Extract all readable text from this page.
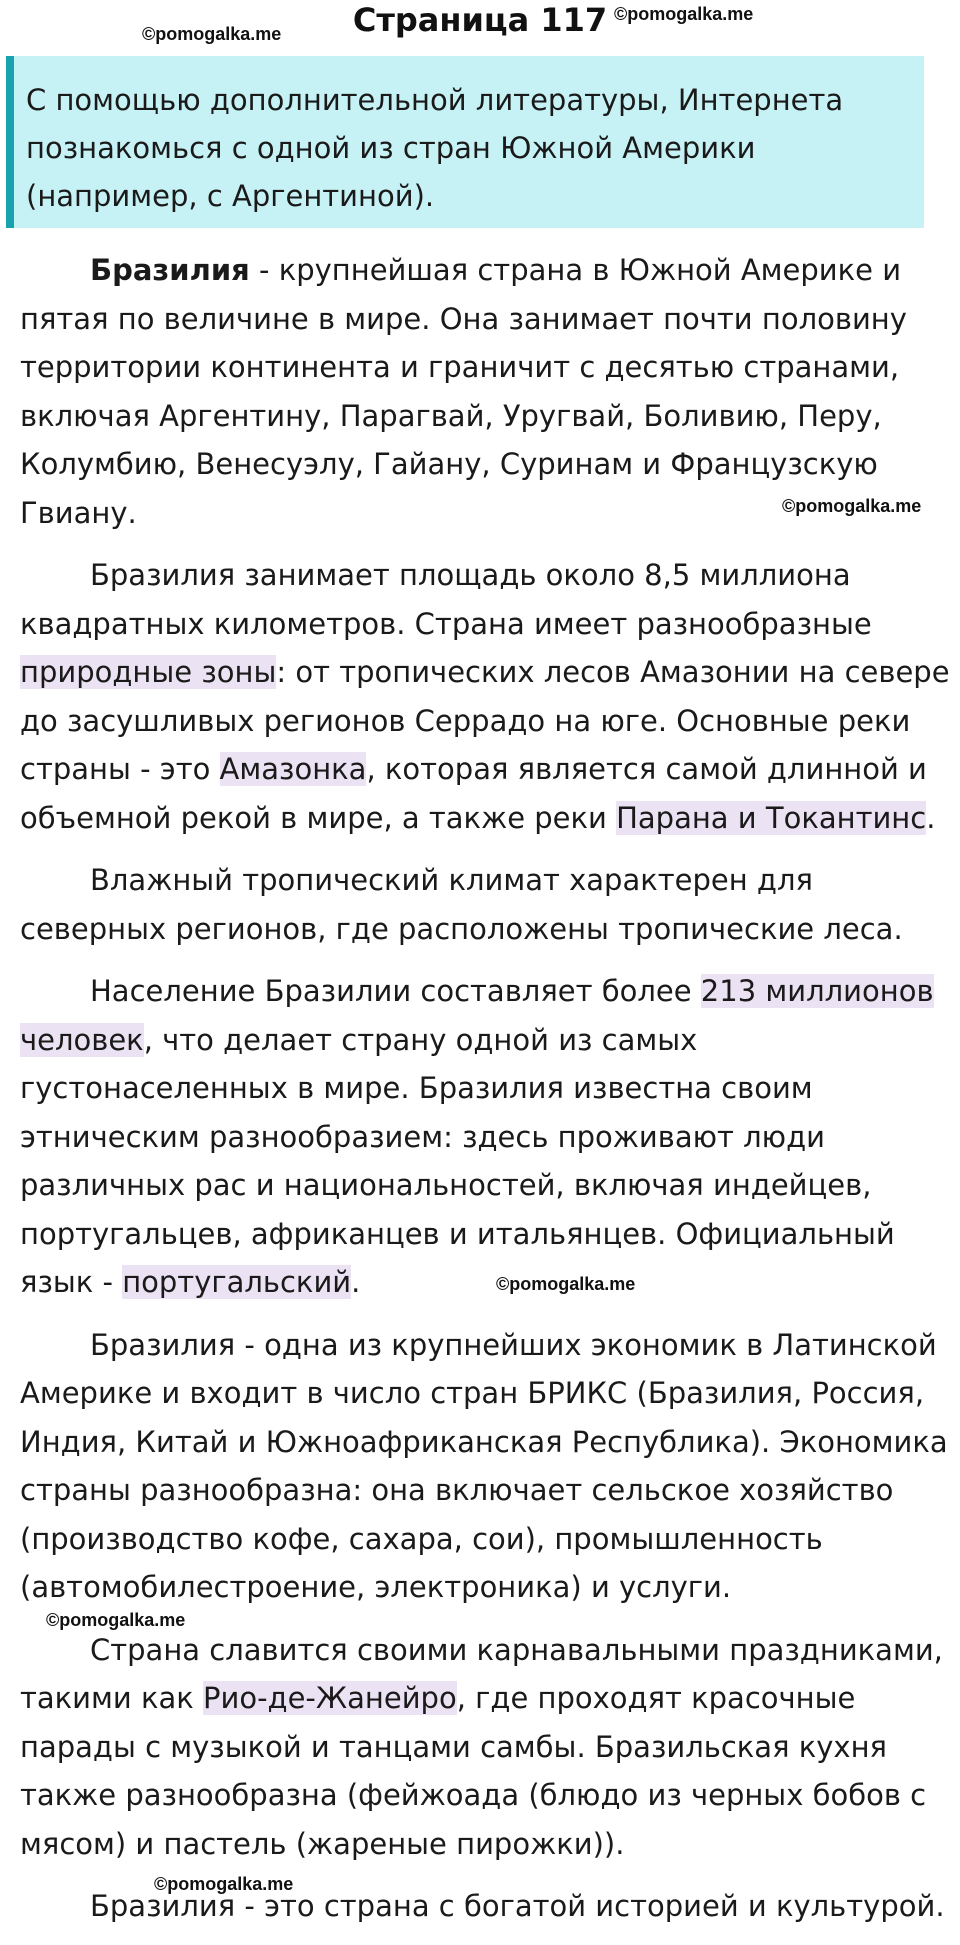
©pomogalka.me	Страница 117 ©pomogalka.me
С помощью дополнительной литературы, Интернета познакомься с одной из стран Южной Америки (например, с Аргентиной).

Бразилия - крупнейшая страна в Южной Америке и пятая по величине в мире. Она занимает почти половину территории континента и граничит с десятью странами, включая Аргентину, Парагвай, Уругвай, Боливию, Перу, Колумбию, Венесуэлу, Гайану, Суринам и Французскую Гвиану.

Бразилия занимает площадь около 8,5 миллиона квадратных километров. Страна имеет разнообразные природные зоны: от тропических лесов Амазонии на севере до засушливых регионов Серрадо на юге. Основные реки страны - это Амазонка, которая является самой длинной и объемной рекой в мире, а также реки Парана и Токантинс.

Влажный тропический климат характерен для северных регионов, где расположены тропические леса.

Население Бразилии составляет более 213 миллионов человек, что делает страну одной из самых густонаселенных в мире. Бразилия известна своим этническим разнообразием: здесь проживают люди различных рас и национальностей, включая индейцев, португальцев, африканцев и итальянцев. Официальный язык - португальский.

Бразилия - одна из крупнейших экономик в Латинской Америке и входит в число стран БРИКС (Бразилия, Россия, Индия, Китай и Южноафриканская Республика). Экономика страны разнообразна: она включает сельское хозяйство (производство кофе, сахара, сои), промышленность (автомобилестроение, электроника) и услуги.

Страна славится своими карнавальными праздниками, такими как Рио-де-Жанейро, где проходят красочные парады с музыкой и танцами самбы. Бразильская кухня также разнообразна (фейжоада (блюдо из черных бобов с мясом) и пастель (жареные пирожки)).

Бразилия - это страна с богатой историей и культурой.

©pomogalka.me
©pomogalka.me
©pomogalka.me
©pomogalka.me
